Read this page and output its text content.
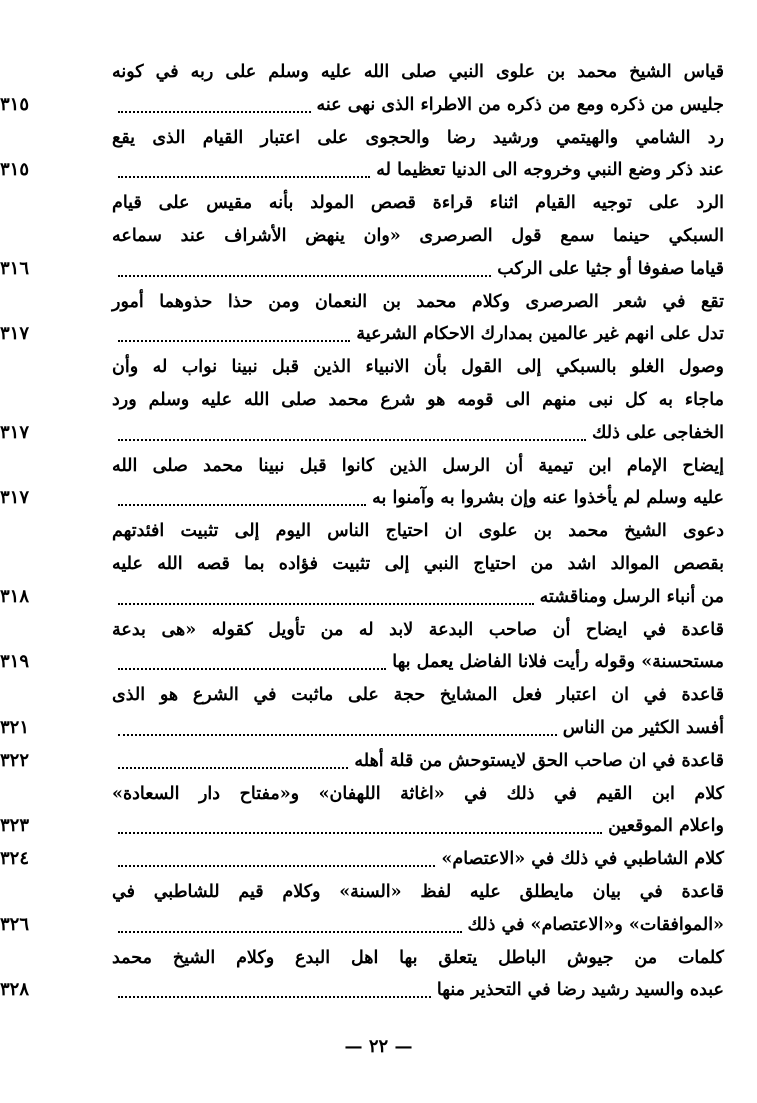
قياس الشيخ محمد بن علوى النبي صلى الله عليه وسلم على ربه في كونه
جليس من ذكره ومع من ذكره من الاطراء الذى نهى عنه
٣١٥
رد الشامي والهيتمي ورشيد رضا والحجوى على اعتبار القيام الذى يقع
عند ذكر وضع النبي وخروجه الى الدنيا تعظيما له
٣١٥
الرد على توجيه القيام اثناء قراءة قصص المولد بأنه مقيس على قيام
السبكي حينما سمع قول الصرصرى «وان ينهض الأشراف عند سماعه
قياما صفوفا أو جثيا على الركب
٣١٦
تقع في شعر الصرصرى وكلام محمد بن النعمان ومن حذا حذوهما أمور
تدل على انهم غير عالمين بمدارك الاحكام الشرعية
٣١٧
وصول الغلو بالسبكي إلى القول بأن الانبياء الذين قبل نبينا نواب له وأن
ماجاء به كل نبى منهم الى قومه هو شرع محمد صلى الله عليه وسلم ورد
الخفاجى على ذلك
٣١٧
إيضاح الإمام ابن تيمية أن الرسل الذين كانوا قبل نبينا محمد صلى الله
عليه وسلم لم يأخذوا عنه وإن بشروا به وآمنوا به
٣١٧
دعوى الشيخ محمد بن علوى ان احتياج الناس اليوم إلى تثبيت افئدتهم
بقصص الموالد اشد من احتياج النبي إلى تثبيت فؤاده بما قصه الله عليه
من أنباء الرسل ومناقشته
٣١٨
قاعدة في ايضاح أن صاحب البدعة لابد له من تأويل كقوله «هى بدعة
مستحسنة» وقوله رأيت فلانا الفاضل يعمل بها
٣١٩
قاعدة في ان اعتبار فعل المشايخ حجة على ماثبت في الشرع هو الذى
أفسد الكثير من الناس
٣٢١
قاعدة في ان صاحب الحق لايستوحش من قلة أهله
٣٢٢
كلام ابن القيم في ذلك في «اغاثة اللهفان» و«مفتاح دار السعادة»
واعلام الموقعين
٣٢٣
كلام الشاطبي في ذلك في «الاعتصام»
٣٢٤
قاعدة في بيان مايطلق عليه لفظ «السنة» وكلام قيم للشاطبي في
«الموافقات» و«الاعتصام» في ذلك
٣٢٦
كلمات من جيوش الباطل يتعلق بها اهل البدع وكلام الشيخ محمد
عبده والسيد رشيد رضا في التحذير منها
٣٢٨
— ٢٢ —
